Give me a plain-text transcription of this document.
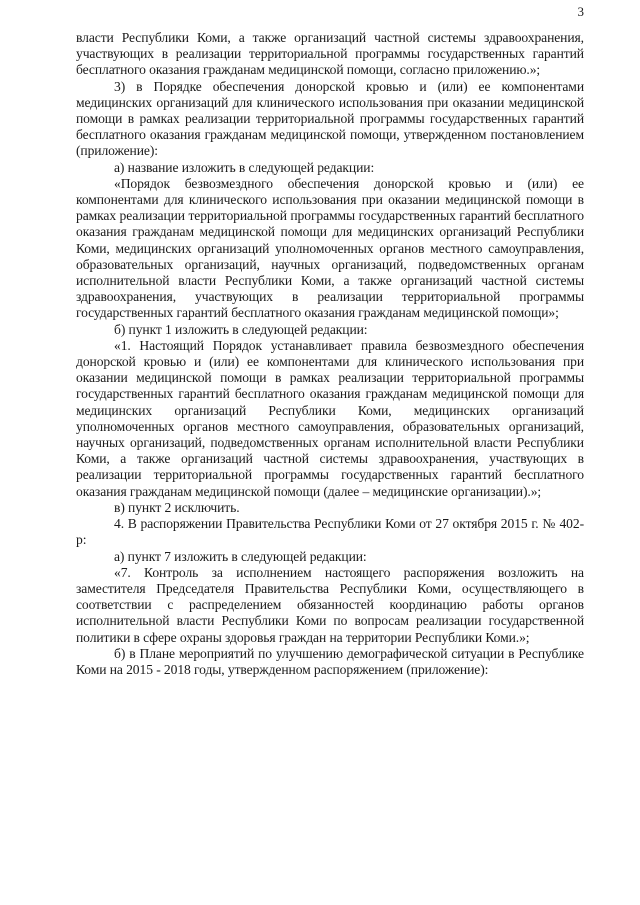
3

власти Республики Коми, а также организаций частной системы здравоохранения, участвующих в реализации территориальной программы государственных гарантий бесплатного оказания гражданам медицинской помощи, согласно приложению.»;

3) в Порядке обеспечения донорской кровью и (или) ее компонентами медицинских организаций для клинического использования при оказании медицинской помощи в рамках реализации территориальной программы государственных гарантий бесплатного оказания гражданам медицинской помощи, утвержденном постановлением (приложение):

а) название изложить в следующей редакции:

«Порядок безвозмездного обеспечения донорской кровью и (или) ее компонентами для клинического использования при оказании медицинской помощи в рамках реализации территориальной программы государственных гарантий бесплатного оказания гражданам медицинской помощи для медицинских организаций Республики Коми, медицинских организаций уполномоченных органов местного самоуправления, образовательных организаций, научных организаций, подведомственных органам исполнительной власти Республики Коми, а также организаций частной системы здравоохранения, участвующих в реализации территориальной программы государственных гарантий бесплатного оказания гражданам медицинской помощи»;

б) пункт 1 изложить в следующей редакции:

«1. Настоящий Порядок устанавливает правила безвозмездного обеспечения донорской кровью и (или) ее компонентами для клинического использования при оказании медицинской помощи в рамках реализации территориальной программы государственных гарантий бесплатного оказания гражданам медицинской помощи для медицинских организаций Республики Коми, медицинских организаций уполномоченных органов местного самоуправления, образовательных организаций, научных организаций, подведомственных органам исполнительной власти Республики Коми, а также организаций частной системы здравоохранения, участвующих в реализации территориальной программы государственных гарантий бесплатного оказания гражданам медицинской помощи (далее – медицинские организации).»;

в) пункт 2 исключить.

4. В распоряжении Правительства Республики Коми от 27 октября 2015 г. № 402-р:

а) пункт 7 изложить в следующей редакции:

«7. Контроль за исполнением настоящего распоряжения возложить на заместителя Председателя Правительства Республики Коми, осуществляющего в соответствии с распределением обязанностей координацию работы органов исполнительной власти Республики Коми по вопросам реализации государственной политики в сфере охраны здоровья граждан на территории Республики Коми.»;

б) в Плане мероприятий по улучшению демографической ситуации в Республике Коми на 2015 - 2018 годы, утвержденном распоряжением (приложение):
